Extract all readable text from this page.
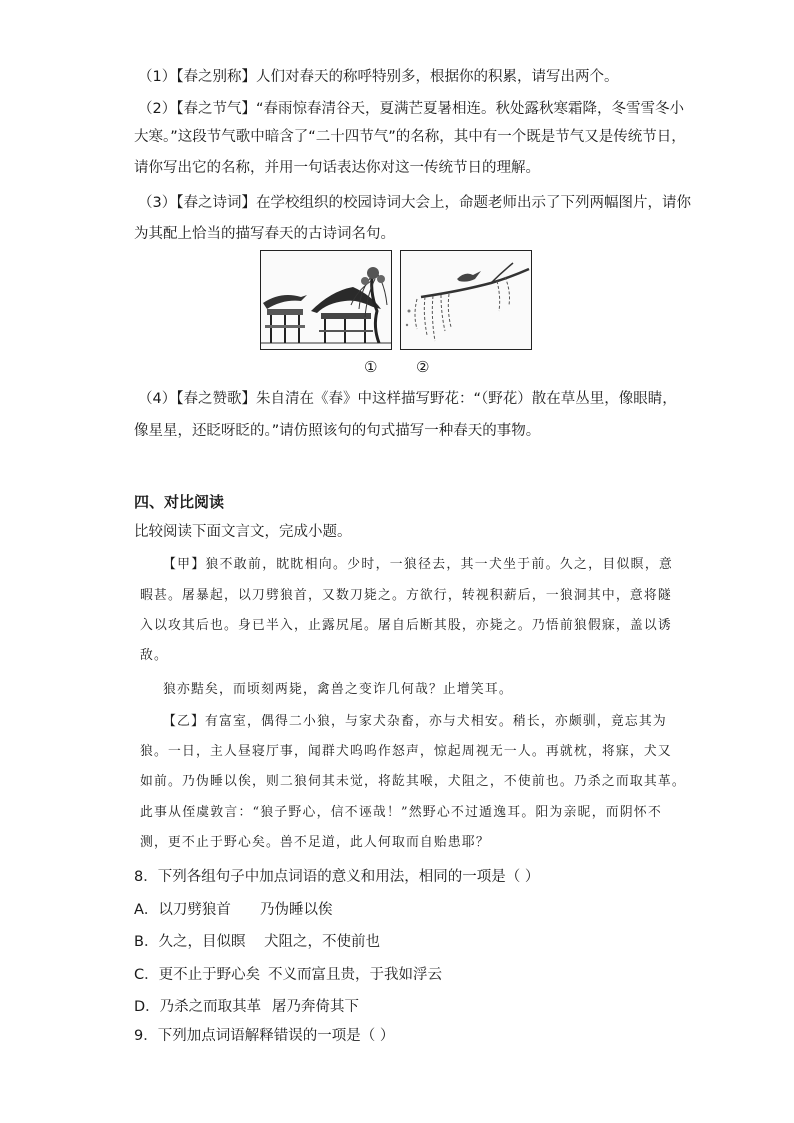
（1）【春之别称】人们对春天的称呼特别多，根据你的积累，请写出两个。
（2）【春之节气】“春雨惊春清谷天，夏满芒夏暑相连。秋处露秋寒霜降，冬雪雪冬小
大寒。”这段节气歌中暗含了“二十四节气”的名称，其中有一个既是节气又是传统节日，
请你写出它的名称，并用一句话表达你对这一传统节日的理解。
（3）【春之诗词】在学校组织的校园诗词大会上，命题老师出示了下列两幅图片，请你
为其配上恰当的描写春天的古诗词名句。
①	②
（4）【春之赞歌】朱自清在《春》中这样描写野花：“（野花）散在草丛里，像眼睛，
像星星，还眨呀眨的。”请仿照该句的句式描写一种春天的事物。
四、对比阅读
比较阅读下面文言文，完成小题。
【甲】狼不敢前，眈眈相向。少时，一狼径去，其一犬坐于前。久之，目似瞑，意
暇甚。屠暴起，以刀劈狼首，又数刀毙之。方欲行，转视积薪后，一狼洞其中，意将隧
入以攻其后也。身已半入，止露尻尾。屠自后断其股，亦毙之。乃悟前狼假寐，盖以诱
敌。
狼亦黠矣，而顷刻两毙，禽兽之变诈几何哉？止增笑耳。
【乙】有富室，偶得二小狼，与家犬杂畜，亦与犬相安。稍长，亦颇驯，竟忘其为
狼。一日，主人昼寝厅事，闻群犬呜呜作怒声，惊起周视无一人。再就枕，将寐，犬又
如前。乃伪睡以俟，则二狼伺其未觉，将龁其喉，犬阻之，不使前也。乃杀之而取其革。
此事从侄虞敦言：“狼子野心，信不诬哉！”然野心不过遁逸耳。阳为亲昵，而阴怀不
测，更不止于野心矣。兽不足道，此人何取而自贻患耶？
8．下列各组句子中加点词语的意义和用法，相同的一项是（ ）
A．以刀劈狼首 乃伪睡以俟
B．久之，目似瞑 犬阻之，不使前也
C．更不止于野心矣 不义而富且贵，于我如浮云
D．乃杀之而取其革 屠乃奔倚其下
9．下列加点词语解释错误的一项是（ ）
